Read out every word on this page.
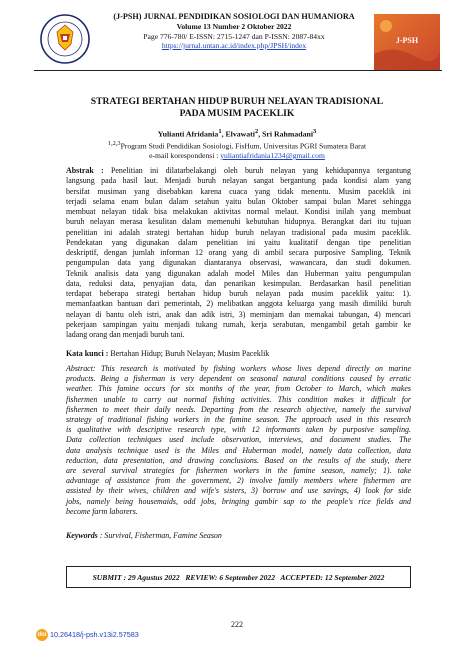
(J-PSH) JURNAL PENDIDIKAN SOSIOLOGI DAN HUMANIORA
Volume 13 Number 2 Oktober 2022
Page 776-780/ E-ISSN: 2715-1247 dan P-ISSN: 2087-84xx
https://jurnal.untan.ac.id/index.php/JPSH/index
J-PSH
STRATEGI BERTAHAN HIDUP BURUH NELAYAN TRADISIONAL
PADA MUSIM PACEKLIK
Yulianti Afridania$^1$, Elvawati$^2$, Sri Rahmadani$^3$
$^{1,2,3}$Program Studi Pendidikan Sosiologi, FisHum, Universitas PGRI Sumatera Barat
e-mail korespondensi : yuliantiafridania1234@gmail.com
Abstrak : Penelitian ini dilatarbelakangi oleh buruh nelayan yang kehidupannya tergantung
langsung pada hasil laut. Menjadi buruh nelayan sangat bergantung pada kondisi alam yang
bersifat musiman yang disebabkan karena cuaca yang tidak menentu. Musim paceklik ini
terjadi selama enam bulan dalam setahun yaitu bulan Oktober sampai bulan Maret sehingga
membuat nelayan tidak bisa melakukan aktivitas normal melaut. Kondisi inilah yang membuat
buruh nelayan merasa kesulitan dalam memenuhi kebutuhan hidupnya. Berangkat dari itu tujuan
penelitian ini adalah strategi bertahan hidup buruh nelayan tradisional pada musim paceklik.
Pendekatan yang digunakan dalam penelitian ini yaitu kualitatif dengan tipe penelitian
deskriptif, dengan jumlah informan 12 orang yang di ambil secara purposive Sampling. Teknik
pengumpulan data yang digunakan diantaranya observasi, wawancara, dan studi dokumen.
Teknik analisis data yang digunakan adalah model Miles dan Huberman yaitu pengumpulan
data, reduksi data, penyajian data, dan penarikan kesimpulan. Berdasarkan hasil penelitian
terdapat beberapa strategi bertahan hidup buruh nelayan pada musim paceklik yaitu: 1).
memanfaatkan bantuan dari pemerintah, 2) melibatkan anggota keluarga yang masih dimiliki buruh
nelayan di bantu oleh istri, anak dan adik istri, 3) meminjam dan memakai tabungan, 4) mencari
pekerjaan sampingan yaitu menjadi tukang rumah, kerja serabutan, mengambil getah gambir ke
ladang orang dan menjadi buruh tani.
Kata kunci : Bertahan Hidup; Buruh Nelayan; Musim Paceklik
Abstract: This research is motivated by fishing workers whose lives depend directly on marine
products. Being a fisherman is very dependent on seasonal natural conditions caused by erratic
weather. This famine occurs for six months of the year, from October to March, which makes
fishermen unable to carry out normal fishing activities. This condition makes it difficult for
fishermen to meet their daily needs. Departing from the research objective, namely the survival
strategy of traditional fishing workers in the famine season. The approach used in this research
is qualitative with descriptive research type, with 12 informants taken by purposive sampling.
Data collection techniques used include observation, interviews, and document studies. The
data analysis technique used is the Miles and Huberman model, namely data collection, data
reduction, data presentation, and drawing conclusions. Based on the results of the study, there
are several survival strategies for fishermen workers in the famine season, namely; 1). take
advantage of assistance from the government, 2) involve family members where fishermen are
assisted by their wives, children and wife's sisters, 3) borrow and use savings, 4) look for side
jobs, namely being housemaids, odd jobs, bringing gambir sap to the people's rice fields and
become farm laborers.
Keywords : Survival, Fisherman, Famine Season
SUBMIT : 29 Agustus 2022   REVIEW: 6 September 2022   ACCEPTED: 12 September 2022
222
doi 10.26418/j-psh.v13i2.57583
